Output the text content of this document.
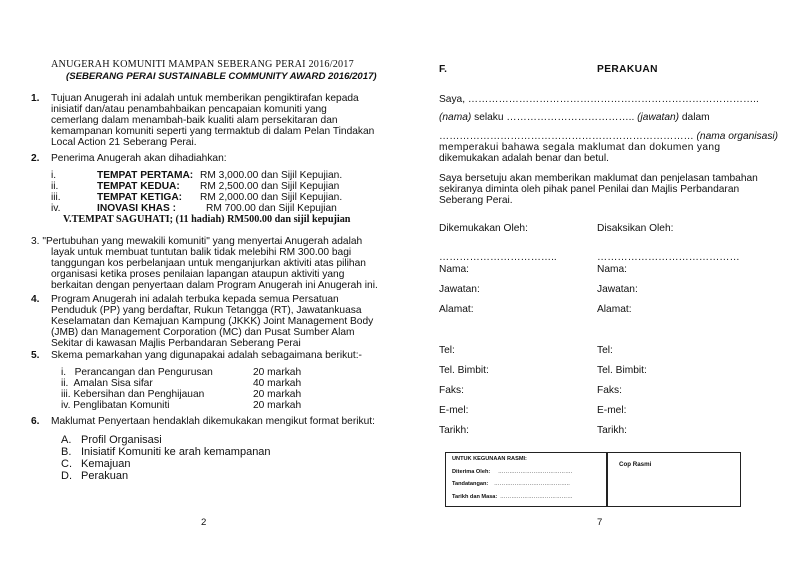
ANUGERAH KOMUNITI MAMPAN SEBERANG PERAI 2016/2017
(SEBERANG PERAI SUSTAINABLE COMMUNITY AWARD 2016/2017)
1. Tujuan Anugerah ini adalah untuk memberikan pengiktirafan kepada
inisiatif dan/atau penambahbaikan pencapaian komuniti yang
cemerlang dalam menambah-baik kualiti alam persekitaran dan
kemampanan komuniti seperti yang termaktub di dalam Pelan Tindakan
Local Action 21 Seberang Perai.
2. Penerima Anugerah akan dihadiahkan:
i.	TEMPAT PERTAMA: RM 3,000.00 dan Sijil Kepujian.
ii.	TEMPAT KEDUA: RM 2,500.00 dan Sijil Kepujian
iii.	TEMPAT KETIGA: RM 2,000.00 dan Sijil Kepujian.
iv.	INOVASI KHAS :	RM 700.00 dan Sijil Kepujian
V.TEMPAT SAGUHATI; (11 hadiah) RM500.00 dan sijil kepujian
3. "Pertubuhan yang mewakili komuniti" yang menyertai Anugerah adalah
layak untuk membuat tuntutan balik tidak melebihi RM 300.00 bagi
tanggungan kos perbelanjaan untuk menganjurkan aktiviti atas pilihan
organisasi ketika proses penilaian lapangan ataupun aktiviti yang
berkaitan dengan penyertaan dalam Program Anugerah ini Anugerah ini.
4. Program Anugerah ini adalah terbuka kepada semua Persatuan
Penduduk (PP) yang berdaftar, Rukun Tetangga (RT), Jawatankuasa
Keselamatan dan Kemajuan Kampung (JKKK) Joint Management Body
(JMB) dan Management Corporation (MC) dan Pusat Sumber Alam
Sekitar di kawasan Majlis Perbandaran Seberang Perai
5. Skema pemarkahan yang digunapakai adalah sebagaimana berikut:-
i.   Perancangan dan Pengurusan	20 markah
ii.  Amalan Sisa sifar	40 markah
iii. Kebersihan dan Penghijauan	20 markah
iv. Penglibatan Komuniti	20 markah
6. Maklumat Penyertaan hendaklah dikemukakan mengikut format berikut:
A. Profil Organisasi
B. Inisiatif Komuniti ke arah kemampanan
C. Kemajuan
D. Perakuan
2
F.	PERAKUAN
Saya, …………………………………………………………………………..
(nama) selaku ……………………………….. (jawatan) dalam
………………………………………………………………… (nama organisasi)
memperakui bahawa segala maklumat dan dokumen yang
dikemukakan adalah benar dan betul.
Saya bersetuju akan memberikan maklumat dan penjelasan tambahan
sekiranya diminta oleh pihak panel Penilai dan Majlis Perbandaran
Seberang Perai.
Dikemukakan Oleh:	Disaksikan Oleh:
……………………………..	……………………………………
Nama:	Nama:
Jawatan:	Jawatan:
Alamat:	Alamat:
Tel:	Tel:
Tel. Bimbit:	Tel. Bimbit:
Faks:	Faks:
E-mel:	E-mel:
Tarikh:	Tarikh:
UNTUK KEGUNAAN RASMI:
Diterima Oleh: ………………………………….
Tandatangan: …………………………………..
Tarikh dan Masa: …………………………………
Cop Rasmi
7
